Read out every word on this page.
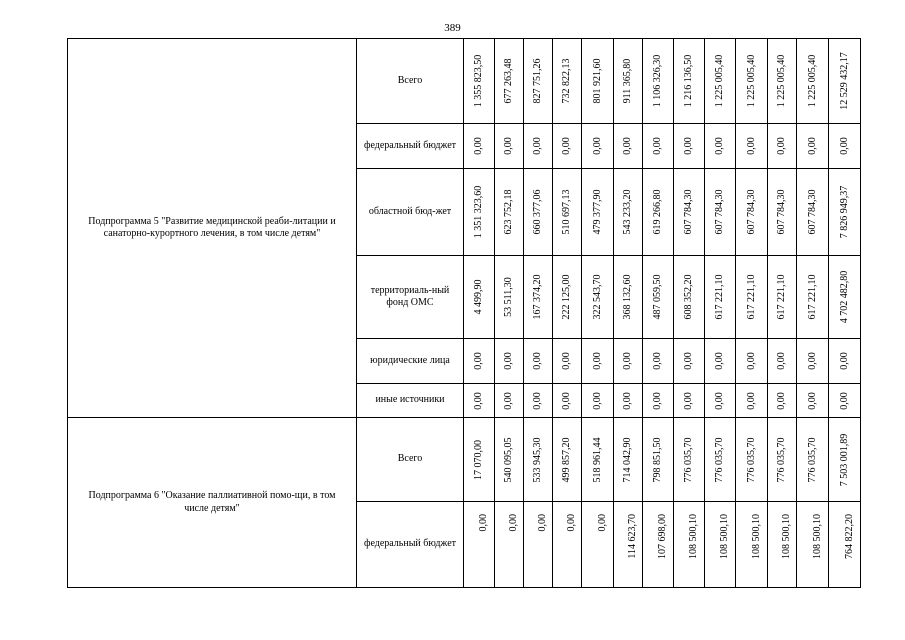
389
Подпрограмма 5 "Развитие медицинской реаби-литации и санаторно-курортного лечения, в том числе детям"	Всего	1 355 823,50	677 263,48	827 751,26	732 822,13	801 921,60	911 365,80	1 106 326,30	1 216 136,50	1 225 005,40	1 225 005,40	1 225 005,40	1 225 005,40	12 529 432,17

	федеральный бюджет	0,00	0,00	0,00	0,00	0,00	0,00	0,00	0,00	0,00	0,00	0,00	0,00	0,00

	областной бюд-жет	1 351 323,60	623 752,18	660 377,06	510 697,13	479 377,90	543 233,20	619 266,80	607 784,30	607 784,30	607 784,30	607 784,30	607 784,30	7 826 949,37

	территориаль-ный фонд ОМС	4 499,90	53 511,30	167 374,20	222 125,00	322 543,70	368 132,60	487 059,50	608 352,20	617 221,10	617 221,10	617 221,10	617 221,10	4 702 482,80

	юридические лица	0,00	0,00	0,00	0,00	0,00	0,00	0,00	0,00	0,00	0,00	0,00	0,00	0,00

	иные источники	0,00	0,00	0,00	0,00	0,00	0,00	0,00	0,00	0,00	0,00	0,00	0,00	0,00

Подпрограмма 6 "Оказание паллиативной помо-щи, в том числе детям"	Всего	17 070,00	540 095,05	533 945,30	499 857,20	518 961,44	714 042,90	798 851,50	776 035,70	776 035,70	776 035,70	776 035,70	776 035,70	7 503 001,89

	федеральный бюджет	0,00	0,00	0,00	0,00	0,00	114 623,70	107 698,00	108 500,10	108 500,10	108 500,10	108 500,10	108 500,10	764 822,20
